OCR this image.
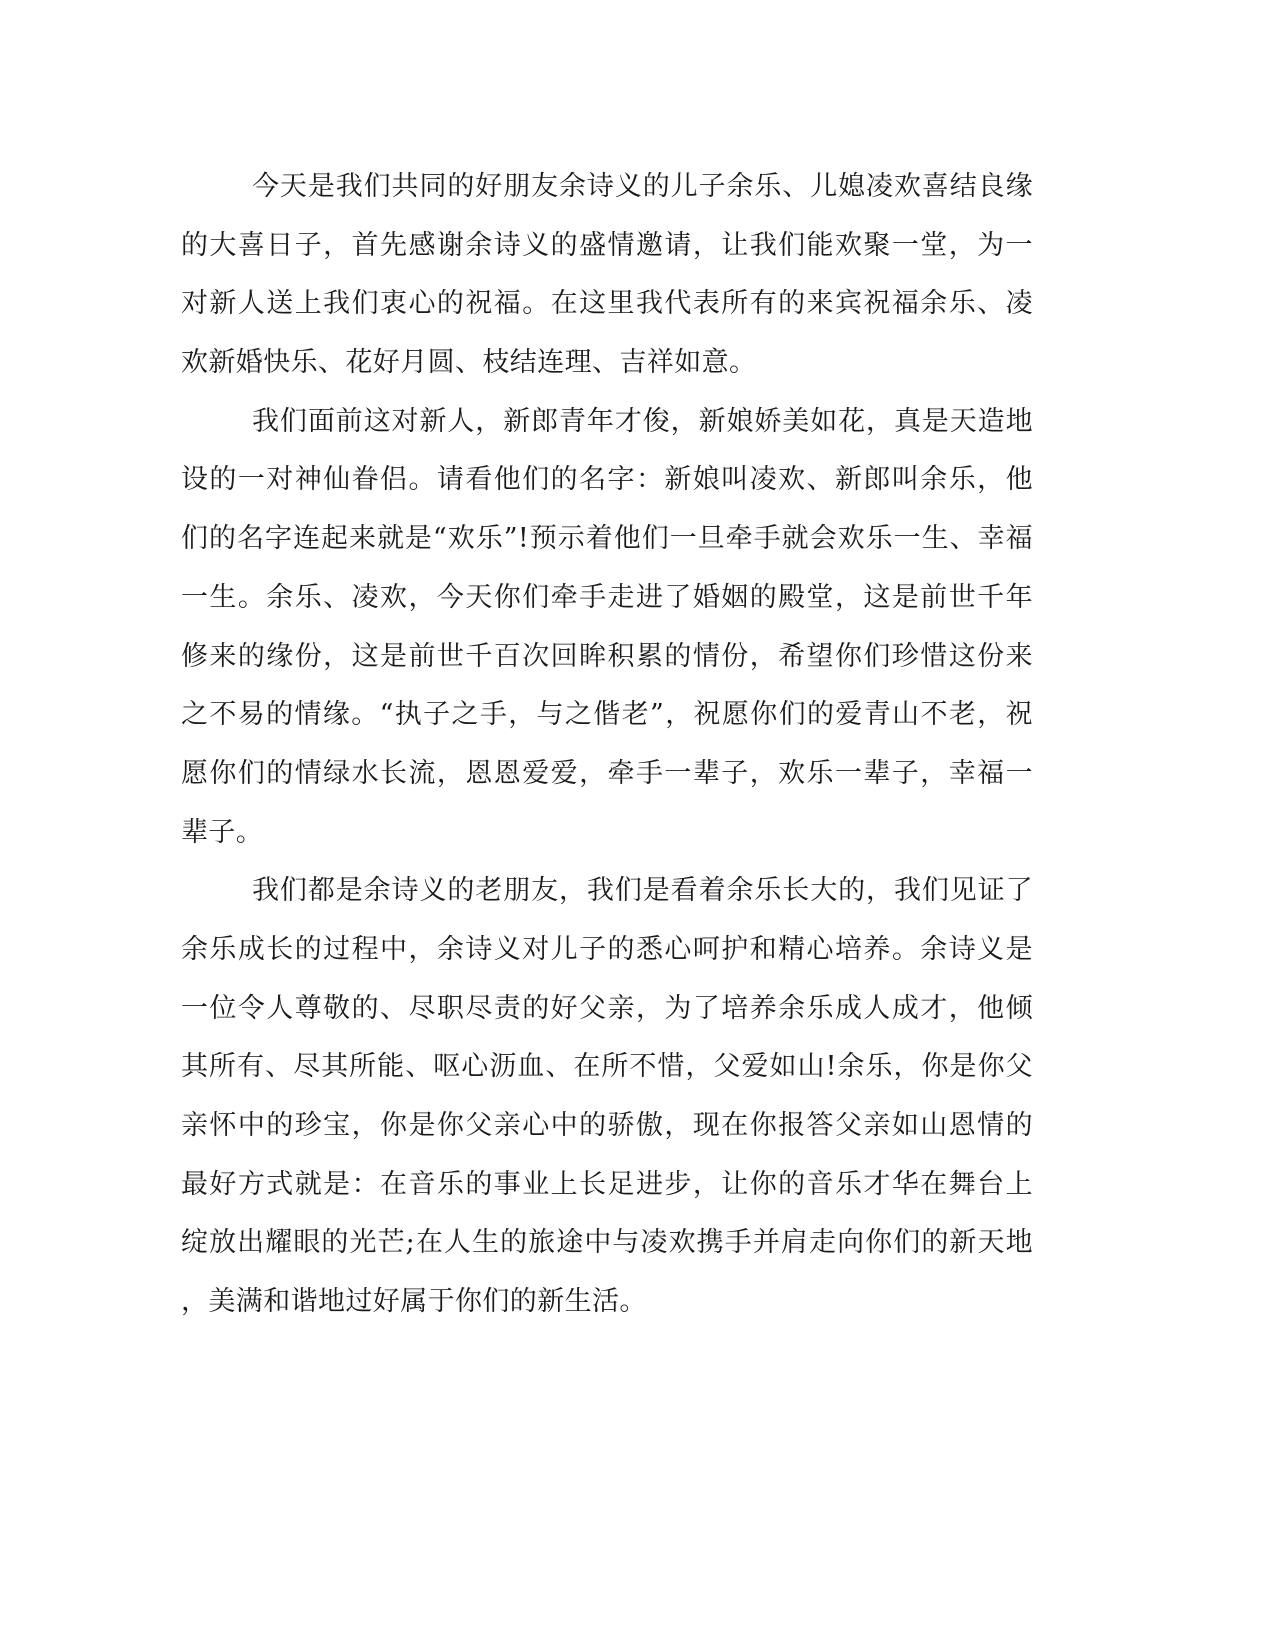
今天是我们共同的好朋友余诗义的儿子余乐、儿媳凌欢喜结良缘
的大喜日子，首先感谢余诗义的盛情邀请，让我们能欢聚一堂，为一
对新人送上我们衷心的祝福。在这里我代表所有的来宾祝福余乐、凌
欢新婚快乐、花好月圆、枝结连理、吉祥如意。
我们面前这对新人，新郎青年才俊，新娘娇美如花，真是天造地
设的一对神仙眷侣。请看他们的名字：新娘叫凌欢、新郎叫余乐，他
们的名字连起来就是“欢乐”!预示着他们一旦牵手就会欢乐一生、幸福
一生。余乐、凌欢，今天你们牵手走进了婚姻的殿堂，这是前世千年
修来的缘份，这是前世千百次回眸积累的情份，希望你们珍惜这份来
之不易的情缘。“执子之手，与之偕老”，祝愿你们的爱青山不老，祝
愿你们的情绿水长流，恩恩爱爱，牵手一辈子，欢乐一辈子，幸福一
辈子。
我们都是余诗义的老朋友，我们是看着余乐长大的，我们见证了
余乐成长的过程中，余诗义对儿子的悉心呵护和精心培养。余诗义是
一位令人尊敬的、尽职尽责的好父亲，为了培养余乐成人成才，他倾
其所有、尽其所能、呕心沥血、在所不惜，父爱如山!余乐，你是你父
亲怀中的珍宝，你是你父亲心中的骄傲，现在你报答父亲如山恩情的
最好方式就是：在音乐的事业上长足进步，让你的音乐才华在舞台上
绽放出耀眼的光芒;在人生的旅途中与凌欢携手并肩走向你们的新天地
，美满和谐地过好属于你们的新生活。
